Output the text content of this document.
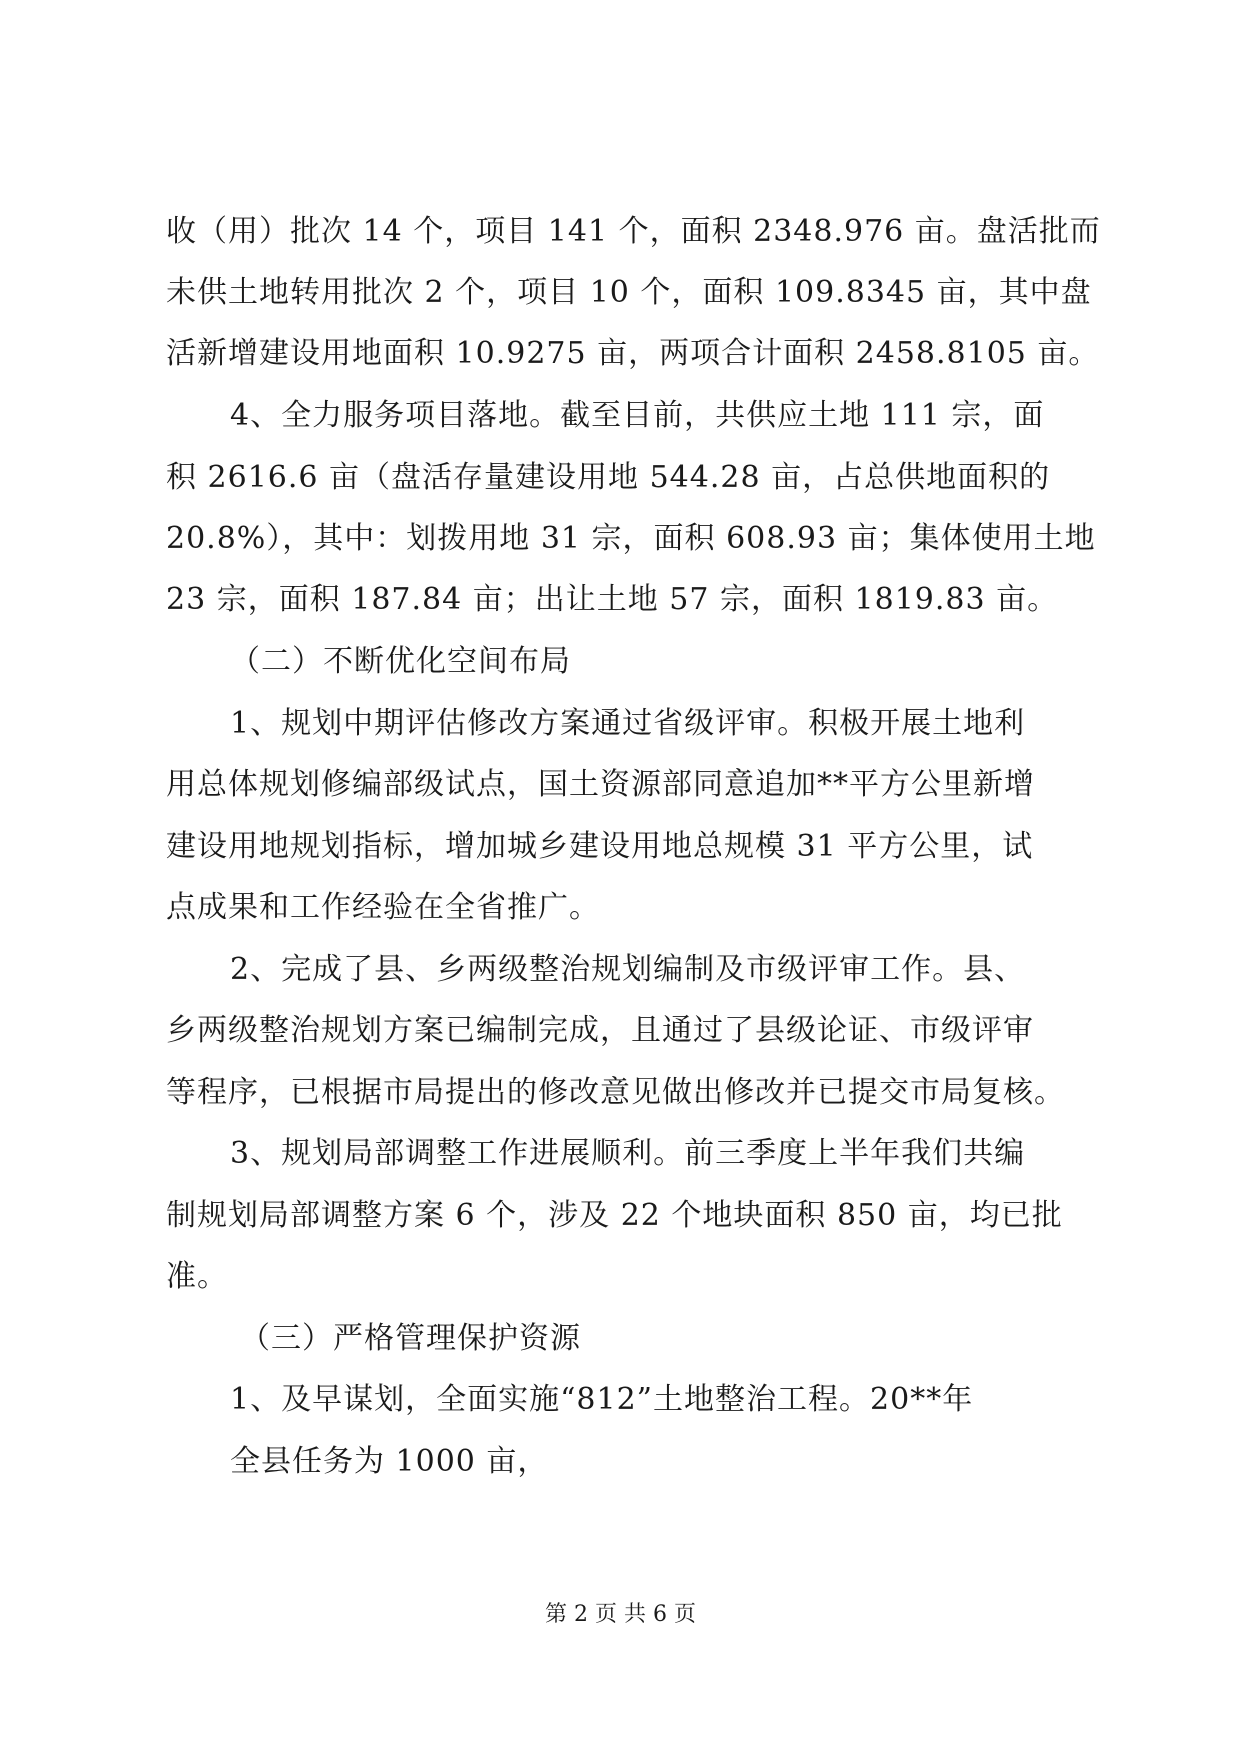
收（用）批次 14 个，项目 141 个，面积 2348.976 亩。盘活批而
未供土地转用批次 2 个，项目 10 个，面积 109.8345 亩，其中盘
活新增建设用地面积 10.9275 亩，两项合计面积 2458.8105 亩。
4、全力服务项目落地。截至目前，共供应土地 111 宗，面
积 2616.6 亩（盘活存量建设用地 544.28 亩，占总供地面积的
20.8%），其中：划拨用地 31 宗，面积 608.93 亩；集体使用土地
23 宗，面积 187.84 亩；出让土地 57 宗，面积 1819.83 亩。
（二）不断优化空间布局
1、规划中期评估修改方案通过省级评审。积极开展土地利
用总体规划修编部级试点，国土资源部同意追加**平方公里新增
建设用地规划指标，增加城乡建设用地总规模 31 平方公里，试
点成果和工作经验在全省推广。
2、完成了县、乡两级整治规划编制及市级评审工作。县、
乡两级整治规划方案已编制完成，且通过了县级论证、市级评审
等程序，已根据市局提出的修改意见做出修改并已提交市局复核。
3、规划局部调整工作进展顺利。前三季度上半年我们共编
制规划局部调整方案 6 个，涉及 22 个地块面积 850 亩，均已批
准。
（三）严格管理保护资源
1、及早谋划，全面实施“812”土地整治工程。20**年
全县任务为 1000 亩，
第 2 页 共 6 页
